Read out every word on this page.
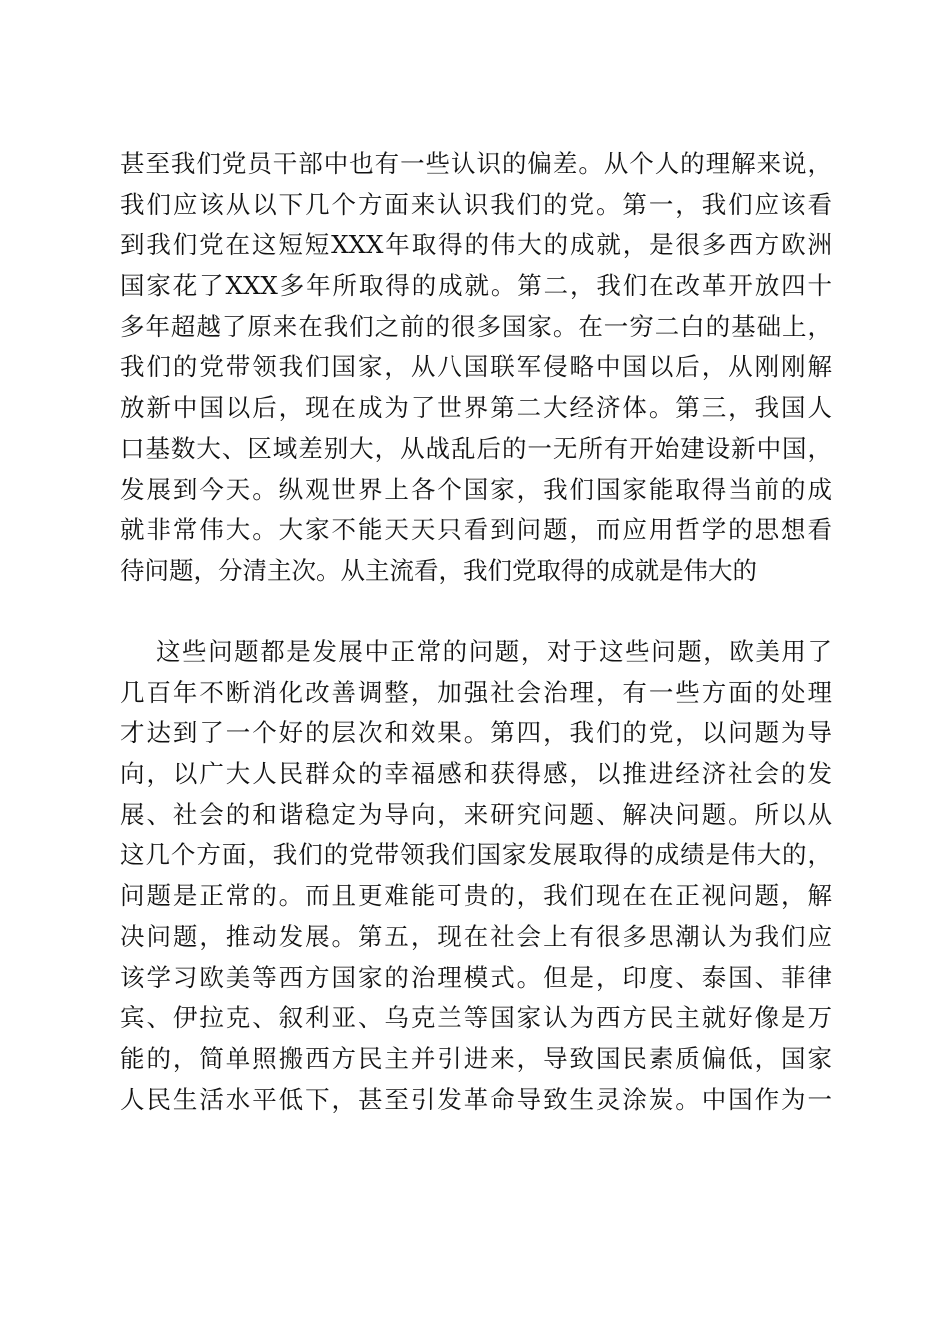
甚至我们党员干部中也有一些认识的偏差。从个人的理解来说，
我们应该从以下几个方面来认识我们的党。第一，我们应该看
到我们党在这短短XXX年取得的伟大的成就，是很多西方欧洲
国家花了XXX多年所取得的成就。第二，我们在改革开放四十
多年超越了原来在我们之前的很多国家。在一穷二白的基础上，
我们的党带领我们国家，从八国联军侵略中国以后，从刚刚解
放新中国以后，现在成为了世界第二大经济体。第三，我国人
口基数大、区域差别大，从战乱后的一无所有开始建设新中国，
发展到今天。纵观世界上各个国家，我们国家能取得当前的成
就非常伟大。大家不能天天只看到问题，而应用哲学的思想看
待问题，分清主次。从主流看，我们党取得的成就是伟大的
这些问题都是发展中正常的问题，对于这些问题，欧美用了
几百年不断消化改善调整，加强社会治理，有一些方面的处理
才达到了一个好的层次和效果。第四，我们的党，以问题为导
向，以广大人民群众的幸福感和获得感，以推进经济社会的发
展、社会的和谐稳定为导向，来研究问题、解决问题。所以从
这几个方面，我们的党带领我们国家发展取得的成绩是伟大的，
问题是正常的。而且更难能可贵的，我们现在在正视问题，解
决问题，推动发展。第五，现在社会上有很多思潮认为我们应
该学习欧美等西方国家的治理模式。但是，印度、泰国、菲律
宾、伊拉克、叙利亚、乌克兰等国家认为西方民主就好像是万
能的，简单照搬西方民主并引进来，导致国民素质偏低，国家
人民生活水平低下，甚至引发革命导致生灵涂炭。中国作为一
